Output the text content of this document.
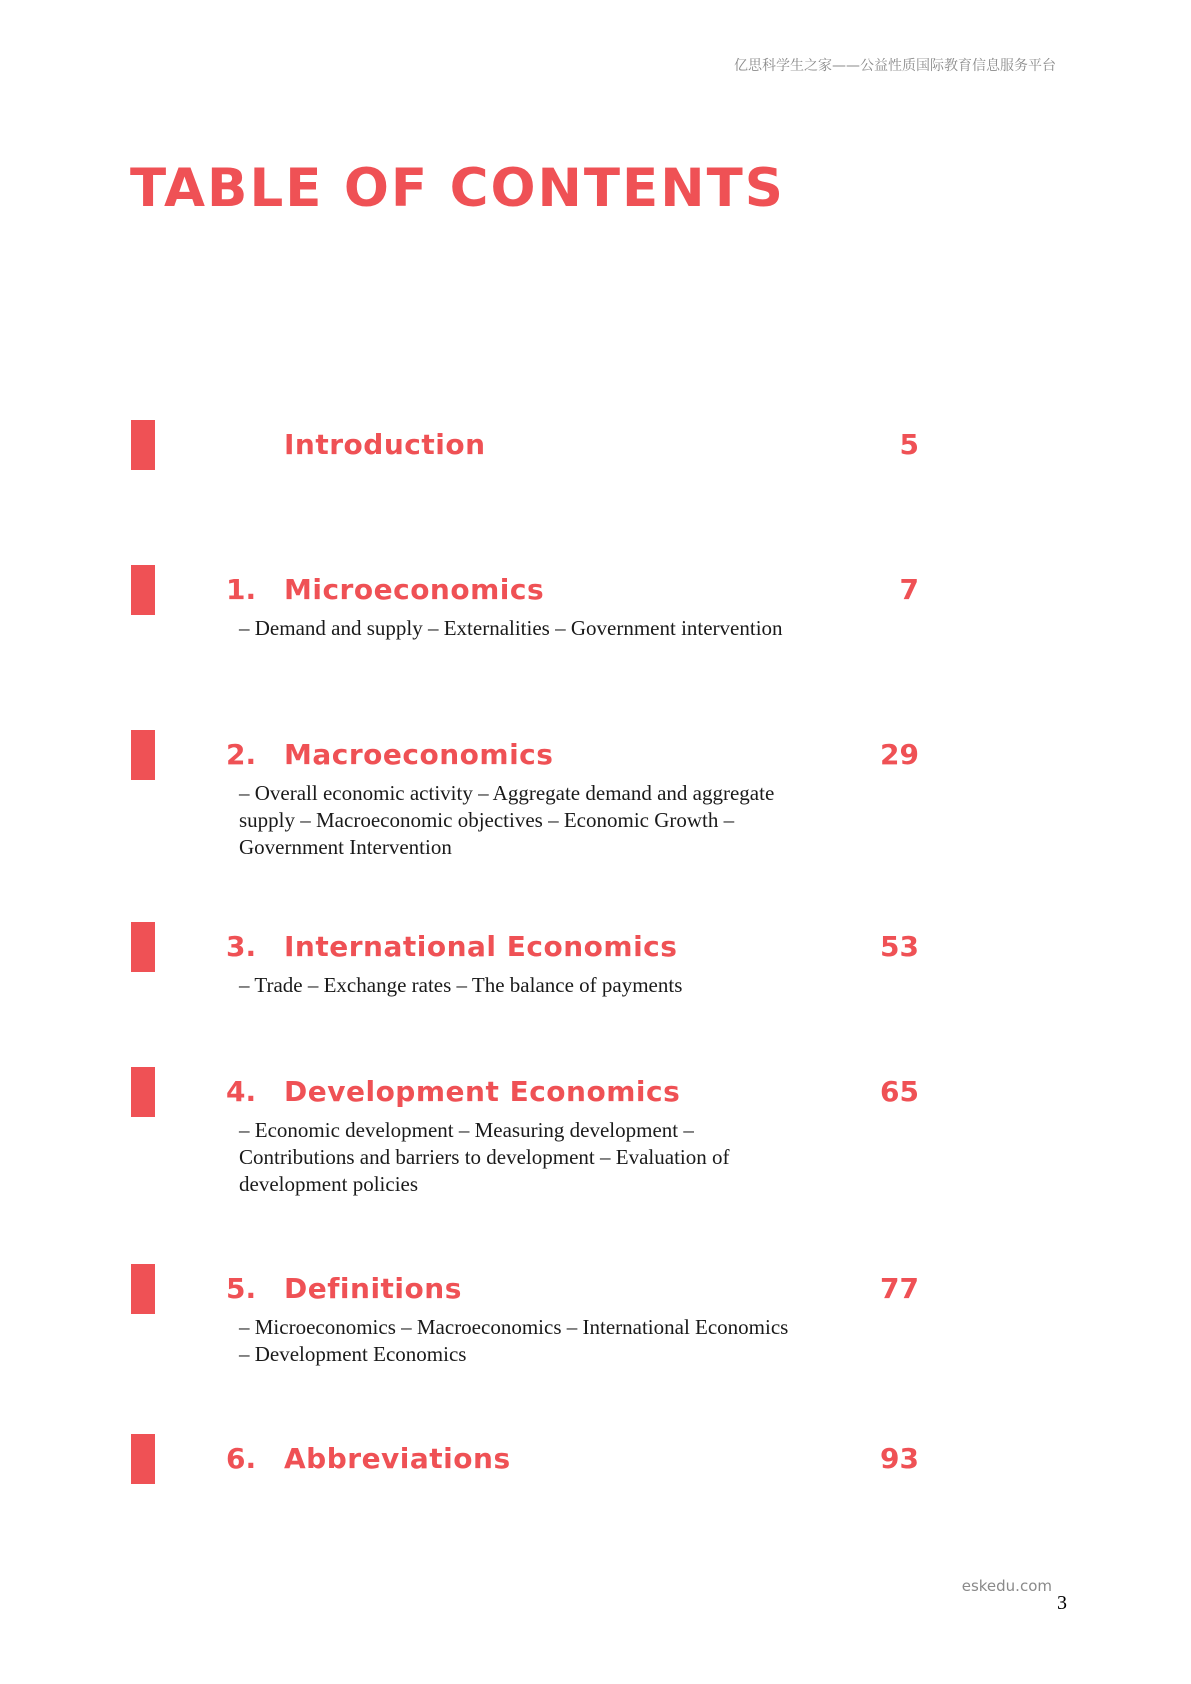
亿思科学生之家——公益性质国际教育信息服务平台
TABLE OF CONTENTS
Introduction	5
1. Microeconomics	7
– Demand and supply – Externalities – Government intervention
2. Macroeconomics	29
– Overall economic activity – Aggregate demand and aggregate supply – Macroeconomic objectives – Economic Growth – Government Intervention
3. International Economics	53
– Trade – Exchange rates – The balance of payments
4. Development Economics	65
– Economic development – Measuring development – Contributions and barriers to development – Evaluation of development policies
5. Definitions	77
– Microeconomics – Macroeconomics – International Economics – Development Economics
6. Abbreviations	93
eskedu.com
3
